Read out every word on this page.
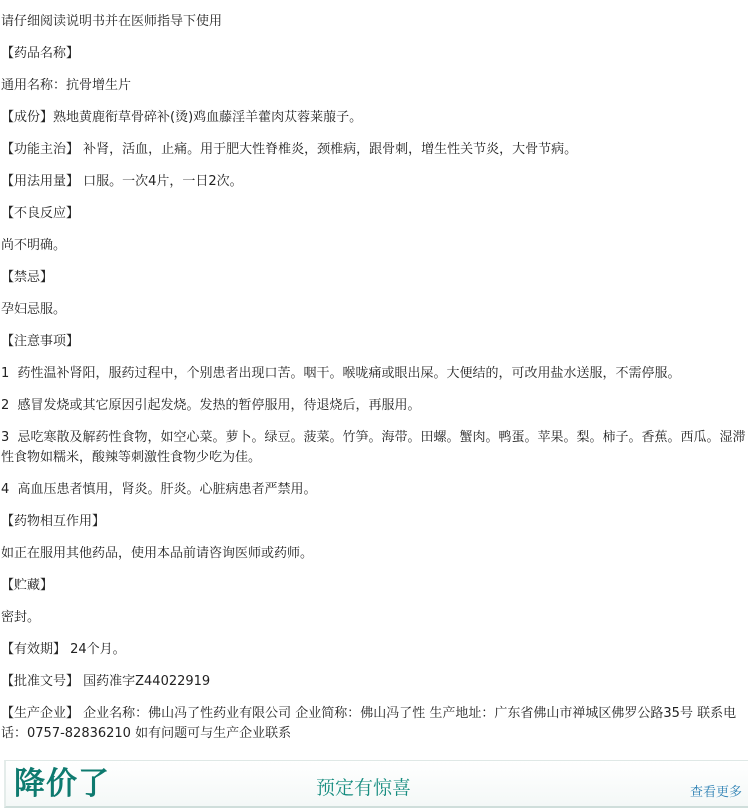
请仔细阅读说明书并在医师指导下使用

【药品名称】

通用名称：抗骨增生片

【成份】熟地黄鹿衔草骨碎补(烫)鸡血藤淫羊藿肉苁蓉莱菔子。

【功能主治】 补肾，活血，止痛。用于肥大性脊椎炎，颈椎病，跟骨刺，增生性关节炎，大骨节病。

【用法用量】 口服。一次4片，一日2次。

【不良反应】

尚不明确。

【禁忌】

孕妇忌服。

【注意事项】

1  药性温补肾阳，服药过程中，个别患者出现口苦。咽干。喉咙痛或眼出屎。大便结的，可改用盐水送服，不需停服。

2  感冒发烧或其它原因引起发烧。发热的暂停服用，待退烧后，再服用。

3  忌吃寒散及解药性食物，如空心菜。萝卜。绿豆。菠菜。竹笋。海带。田螺。蟹肉。鸭蛋。苹果。梨。柿子。香蕉。西瓜。湿滞性食物如糯米，酸辣等刺激性食物少吃为佳。

4  高血压患者慎用，肾炎。肝炎。心脏病患者严禁用。

【药物相互作用】

如正在服用其他药品，使用本品前请咨询医师或药师。

【贮藏】

密封。

【有效期】 24个月。

【批准文号】 国药准字Z44022919

【生产企业】 企业名称：佛山冯了性药业有限公司 企业简称：佛山冯了性 生产地址：广东省佛山市禅城区佛罗公路35号 联系电话：0757-82836210 如有问题可与生产企业联系

降价了	预定有惊喜	查看更多
